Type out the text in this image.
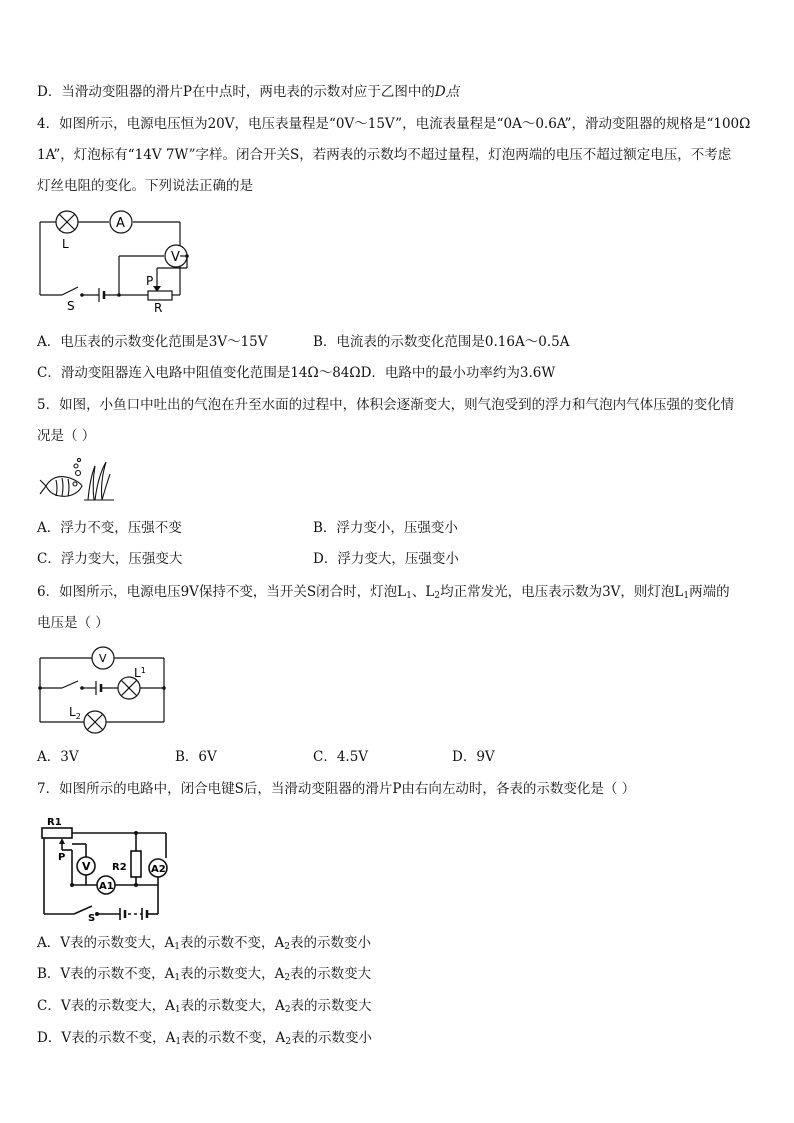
D．当滑动变阻器的滑片P在中点时，两电表的示数对应于乙图中的D点
4．如图所示，电源电压恒为20V，电压表量程是“0V～15V”，电流表量程是“0A～0.6A”，滑动变阻器的规格是“100Ω
1A”，灯泡标有“14V 7W”字样。闭合开关S，若两表的示数均不超过量程，灯泡两端的电压不超过额定电压，不考虑
灯丝电阻的变化。下列说法正确的是
L
A
V
P
R
S
A．电压表的示数变化范围是3V～15V	B．电流表的示数变化范围是0.16A～0.5A
C．滑动变阻器连入电路中阻值变化范围是14Ω～84ΩD．电路中的最小功率约为3.6W
5．如图，小鱼口中吐出的气泡在升至水面的过程中，体积会逐渐变大，则气泡受到的浮力和气泡内气体压强的变化情
况是（ ）
A．浮力不变，压强不变	B．浮力变小，压强变小
C．浮力变大，压强变大	D．浮力变大，压强变小
6．如图所示，电源电压9V保持不变，当开关S闭合时，灯泡$L_1$、$L_2$均正常发光，电压表示数为3V，则灯泡$L_1$两端的
电压是（ ）
V
$L^1$
$L_2$
A．3V	B．6V	C．4.5V	D．9V
7．如图所示的电路中，闭合电键S后，当滑动变阻器的滑片P由右向左动时，各表的示数变化是（ ）
R1
P
V R2
A1
A2
S
A．V表的示数变大，$A_1$表的示数不变，$A_2$表的示数变小
B．V表的示数不变，$A_1$表的示数变大，$A_2$表的示数变大
C．V表的示数变大，$A_1$表的示数变大，$A_2$表的示数变大
D．V表的示数不变，$A_1$表的示数不变，$A_2$表的示数变小
